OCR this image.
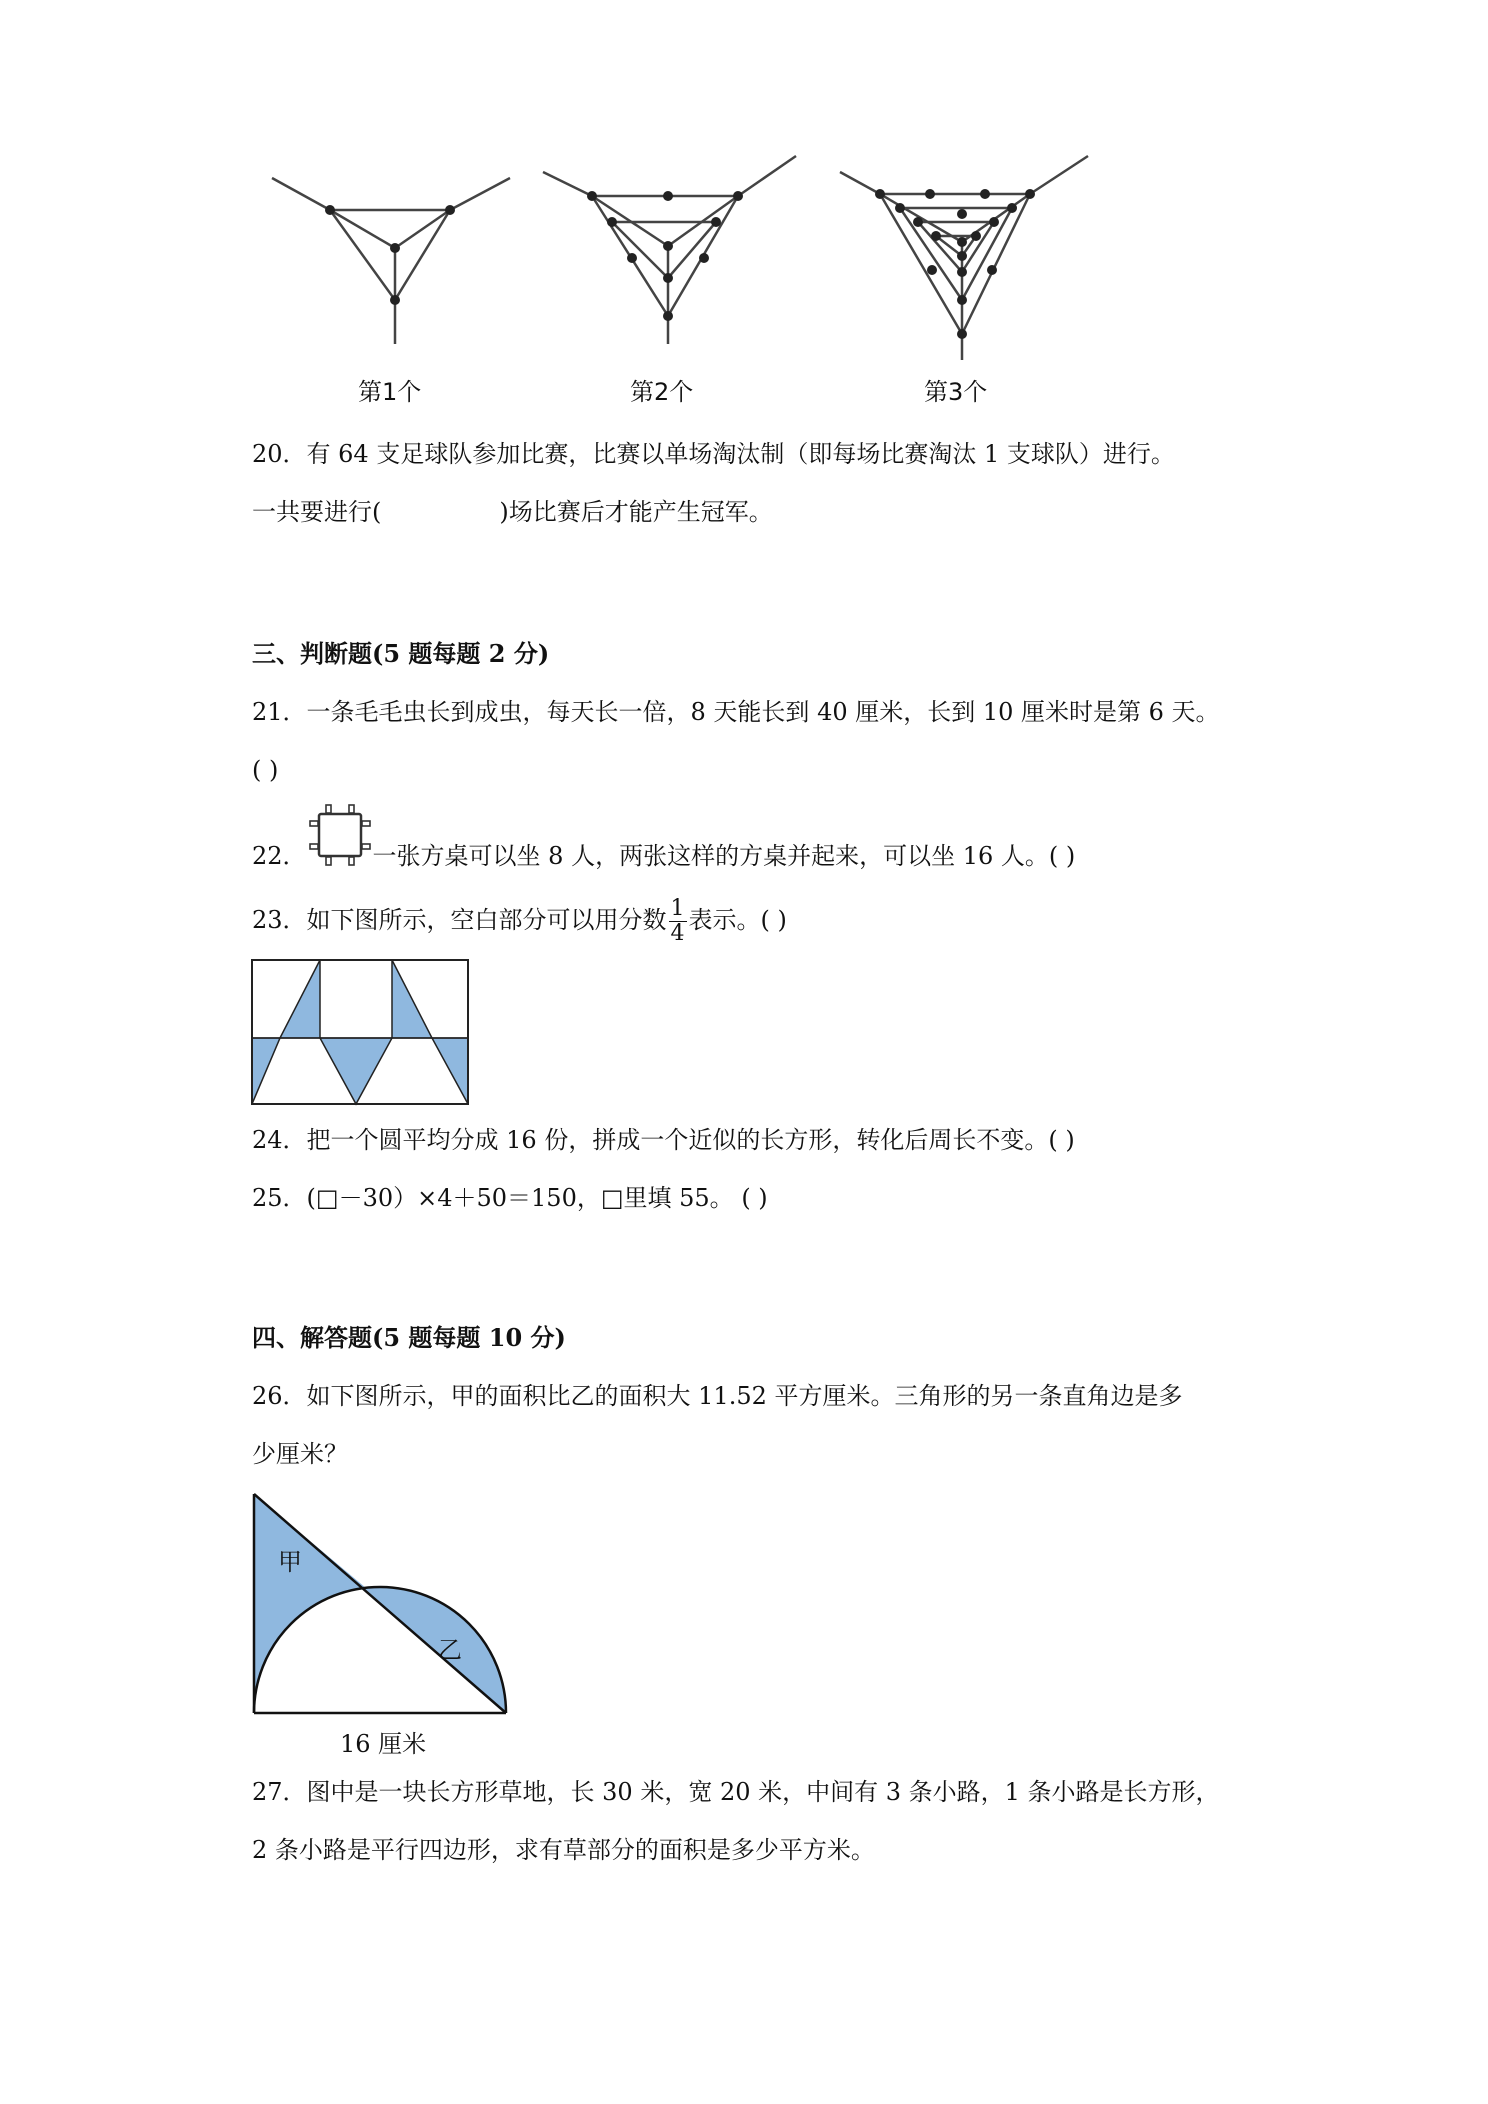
第1个	第2个	第3个
20．有 64 支足球队参加比赛，比赛以单场淘汰制（即每场比赛淘汰 1 支球队）进行。
一共要进行(	)场比赛后才能产生冠军。
三、判断题(5 题每题 2 分)
21．一条毛毛虫长到成虫，每天长一倍，8 天能长到 40 厘米，长到 10 厘米时是第 6 天。
( )
22．	一张方桌可以坐 8 人，两张这样的方桌并起来，可以坐 16 人。( )
23．如下图所示，空白部分可以用分数 $\frac{1}{4}$ 表示。( )
24．把一个圆平均分成 16 份，拼成一个近似的长方形，转化后周长不变。( )
25．(□－30）×4＋50＝150，□里填 55。 ( )
四、解答题(5 题每题 10 分)
26．如下图所示，甲的面积比乙的面积大 11.52 平方厘米。三角形的另一条直角边是多
少厘米？
甲
乙
16 厘米
27．图中是一块长方形草地，长 30 米，宽 20 米，中间有 3 条小路，1 条小路是长方形，
2 条小路是平行四边形，求有草部分的面积是多少平方米。
